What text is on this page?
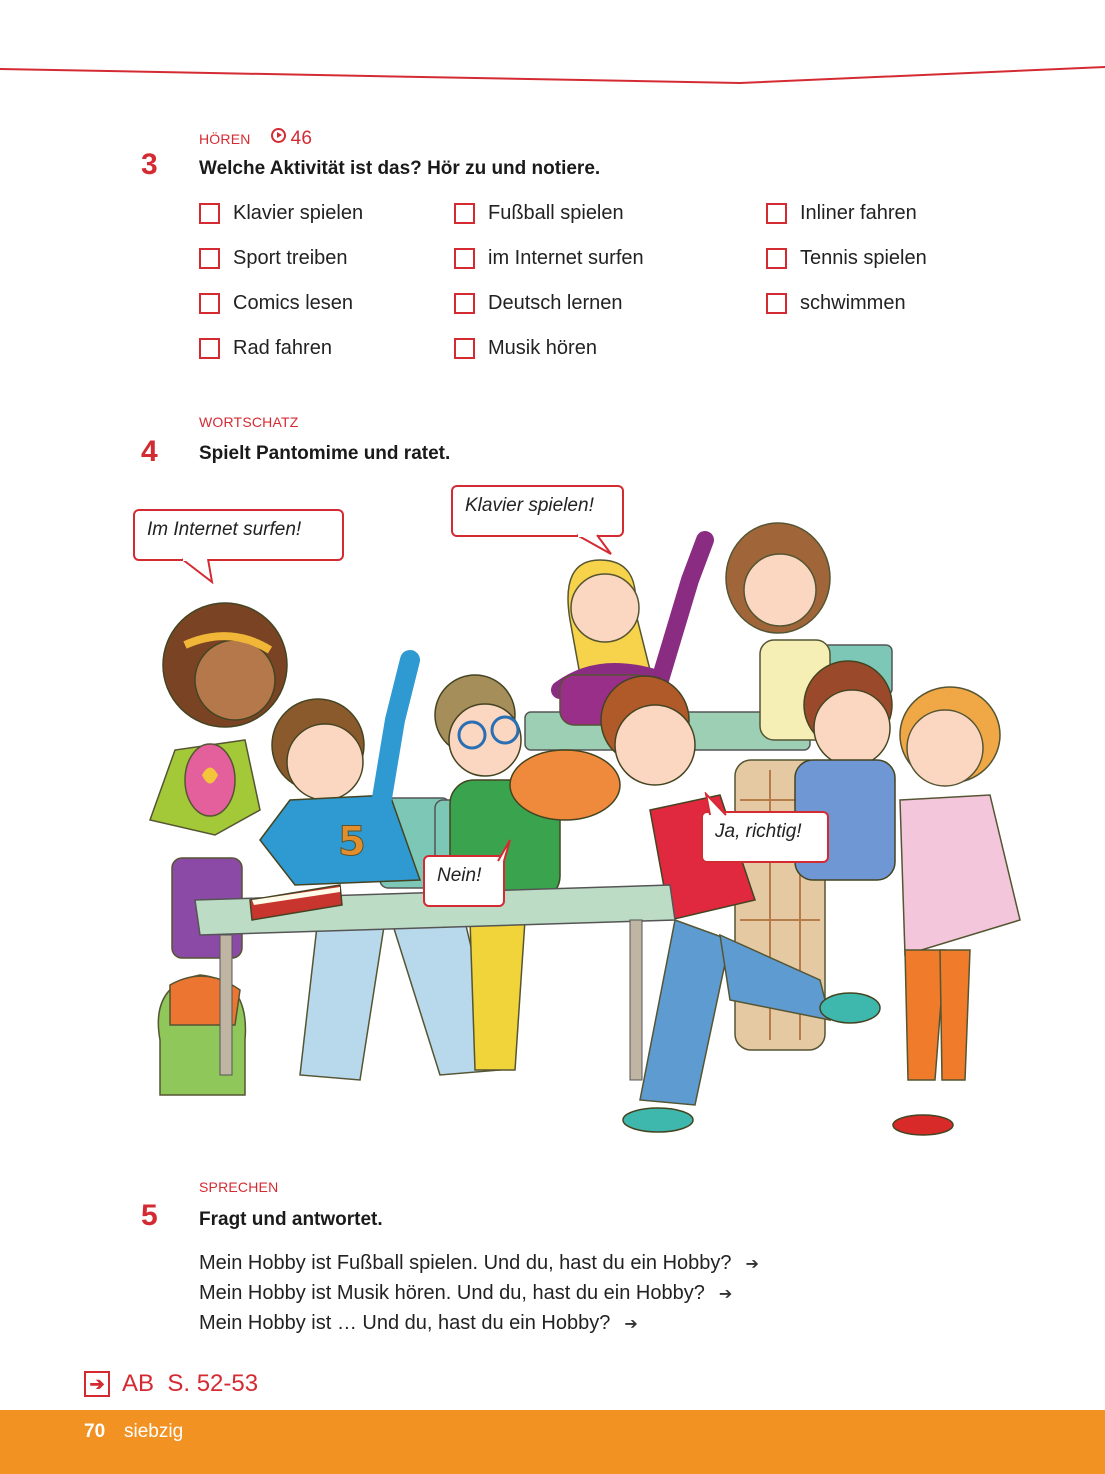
HÖREN 46
3 Welche Aktivität ist das? Hör zu und notiere.
Klavier spielen
Sport treiben
Comics lesen
Rad fahren
Fußball spielen
im Internet surfen
Deutsch lernen
Musik hören
Inliner fahren
Tennis spielen
schwimmen
WORTSCHATZ
4 Spielt Pantomime und ratet.
5
Im Internet surfen!
Klavier spielen!
Nein!
Ja, richtig!
SPRECHEN
5 Fragt und antwortet.
Mein Hobby ist Fußball spielen. Und du, hast du ein Hobby? ➔
Mein Hobby ist Musik hören. Und du, hast du ein Hobby? ➔
Mein Hobby ist … Und du, hast du ein Hobby? ➔
➔ AB  S. 52-53
70 siebzig
